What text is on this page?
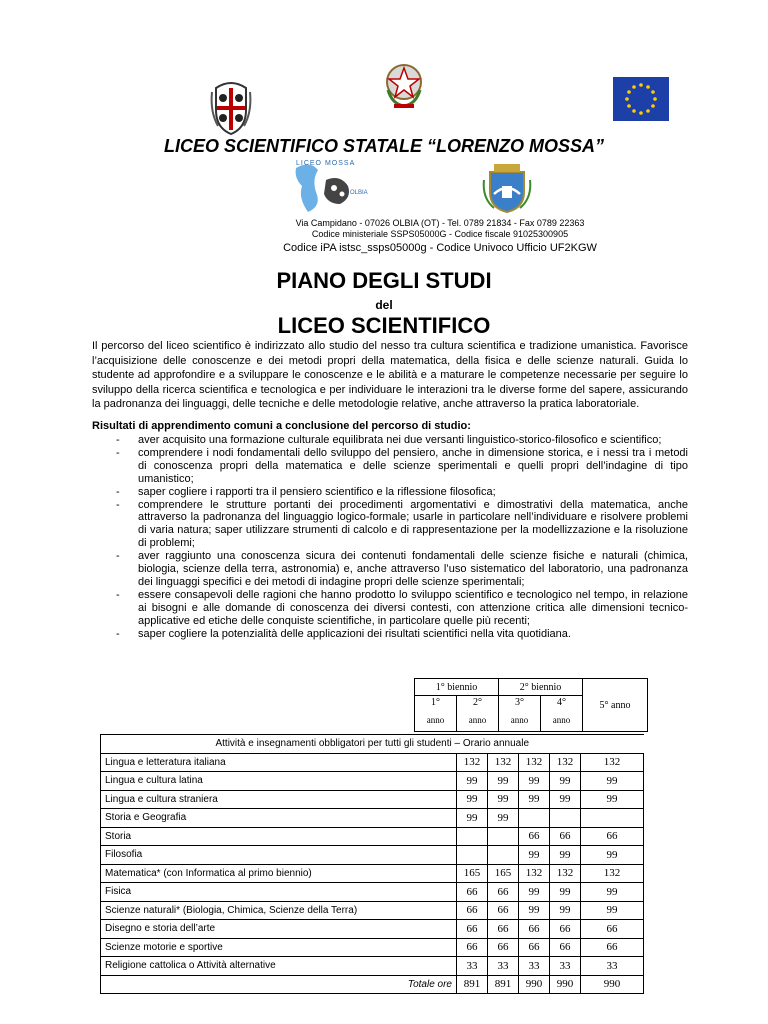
LICEO SCIENTIFICO STATALE “LORENZO MOSSA”
LICEO MOSSA
OLBIA
Via Campidano - 07026 OLBIA (OT) - Tel. 0789 21834 - Fax 0789 22363
Codice ministeriale SSPS05000G - Codice fiscale 91025300905
Codice iPA istsc_ssps05000g - Codice Univoco Ufficio UF2KGW
PIANO DEGLI STUDI
del
LICEO SCIENTIFICO
Il percorso del liceo scientifico è indirizzato allo studio del nesso tra cultura scientifica e tradizione umanistica. Favorisce l’acquisizione delle conoscenze e dei metodi propri della matematica, della fisica e delle scienze naturali. Guida lo studente ad approfondire e a sviluppare le conoscenze e le abilità e a maturare le competenze necessarie per seguire lo sviluppo della ricerca scientifica e tecnologica e per individuare le interazioni tra le diverse forme del sapere, assicurando la padronanza dei linguaggi, delle tecniche e delle metodologie relative, anche attraverso la pratica laboratoriale.
Risultati di apprendimento comuni a conclusione del percorso di studio:
- aver acquisito una formazione culturale equilibrata nei due versanti linguistico-storico-filosofico e scientifico;
- comprendere i nodi fondamentali dello sviluppo del pensiero, anche in dimensione storica, e i nessi tra i metodi di conoscenza propri della matematica e delle scienze sperimentali e quelli propri dell’indagine di tipo umanistico;
- saper cogliere i rapporti tra il pensiero scientifico e la riflessione filosofica;
- comprendere le strutture portanti dei procedimenti argomentativi e dimostrativi della matematica, anche attraverso la padronanza del linguaggio logico-formale; usarle in particolare nell’individuare e risolvere problemi di varia natura; saper utilizzare strumenti di calcolo e di rappresentazione per la modellizzazione e la risoluzione di problemi;
- aver raggiunto una conoscenza sicura dei contenuti fondamentali delle scienze fisiche e naturali (chimica, biologia, scienze della terra, astronomia) e, anche attraverso l’uso sistematico del laboratorio, una padronanza dei linguaggi specifici e dei metodi di indagine propri delle scienze sperimentali;
- essere consapevoli delle ragioni che hanno prodotto lo sviluppo scientifico e tecnologico nel tempo, in relazione ai bisogni e alle domande di conoscenza dei diversi contesti, con attenzione critica alle dimensioni tecnico-applicative ed etiche delle conquiste scientifiche, in particolare quelle più recenti;
- saper cogliere la potenzialità delle applicazioni dei risultati scientifici nella vita quotidiana.
1° biennio		2° biennio		5° anno
1°	2°	3°	4°	
anno	anno	anno	anno	
Attività e insegnamenti obbligatori per tutti gli studenti – Orario annuale					
Lingua e letteratura italiana	132	132	132	132	132
Lingua e cultura latina	99	99	99	99	99
Lingua e cultura straniera	99	99	99	99	99
Storia e Geografia	99	99			
Storia			66	66	66
Filosofia			99	99	99
Matematica* (con Informatica al primo biennio)	165	165	132	132	132
Fisica	66	66	99	99	99
Scienze naturali* (Biologia, Chimica, Scienze della Terra)	66	66	99	99	99
Disegno e storia dell’arte	66	66	66	66	66
Scienze motorie e sportive	66	66	66	66	66
Religione cattolica o Attività alternative	33	33	33	33	33
Totale ore	891	891	990	990	990
